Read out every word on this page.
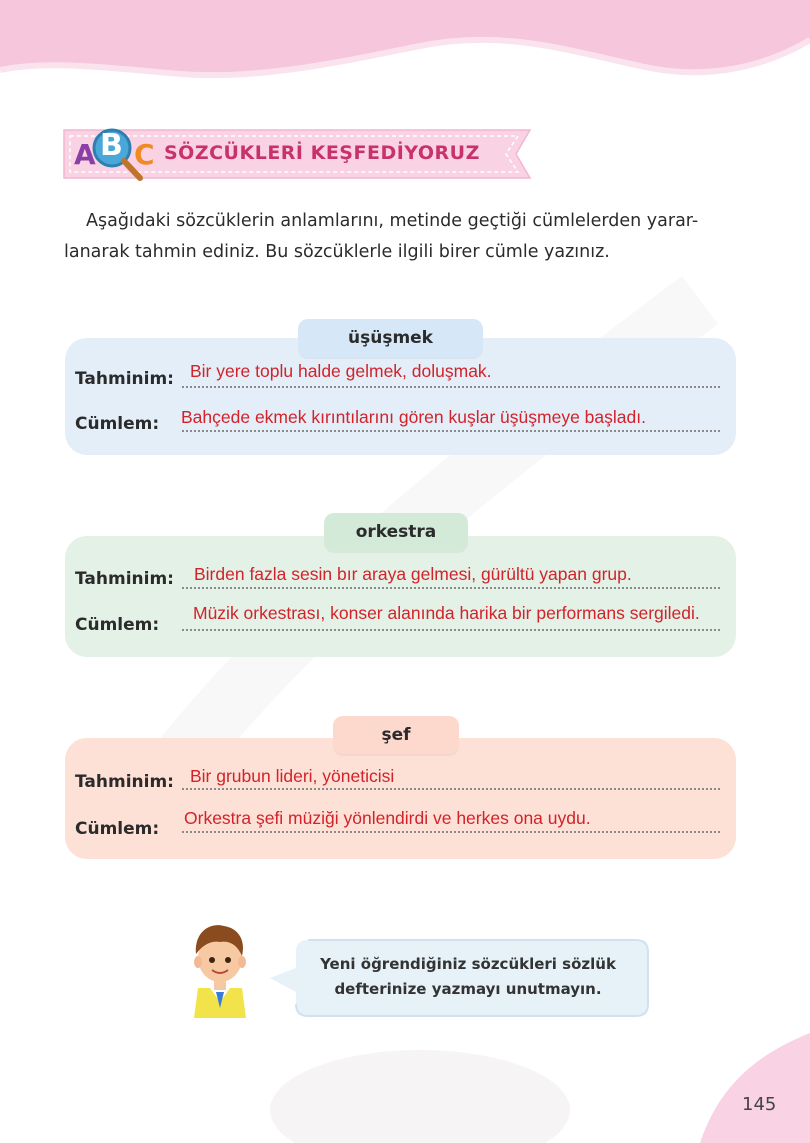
A B C SÖZCÜKLERİ KEŞFEDİYORUZ
Aşağıdaki sözcüklerin anlamlarını, metinde geçtiği cümlelerden yarar-
lanarak tahmin ediniz. Bu sözcüklerle ilgili birer cümle yazınız.
üşüşmek
Tahminim: Bir yere toplu halde gelmek, doluşmak.
Cümlem: Bahçede ekmek kırıntılarını gören kuşlar üşüşmeye başladı.
orkestra
Tahminim: Birden fazla sesin bır araya gelmesi, gürültü yapan grup.
Cümlem:
Müzik orkestrası, konser alanında harika bir performans sergiledi.
şef
Tahminim: Bir grubun lideri, yöneticisi
Cümlem:
Orkestra şefi müziği yönlendirdi ve herkes ona uydu.
Yeni öğrendiğiniz sözcükleri sözlük
defterinize yazmayı unutmayın.
145
